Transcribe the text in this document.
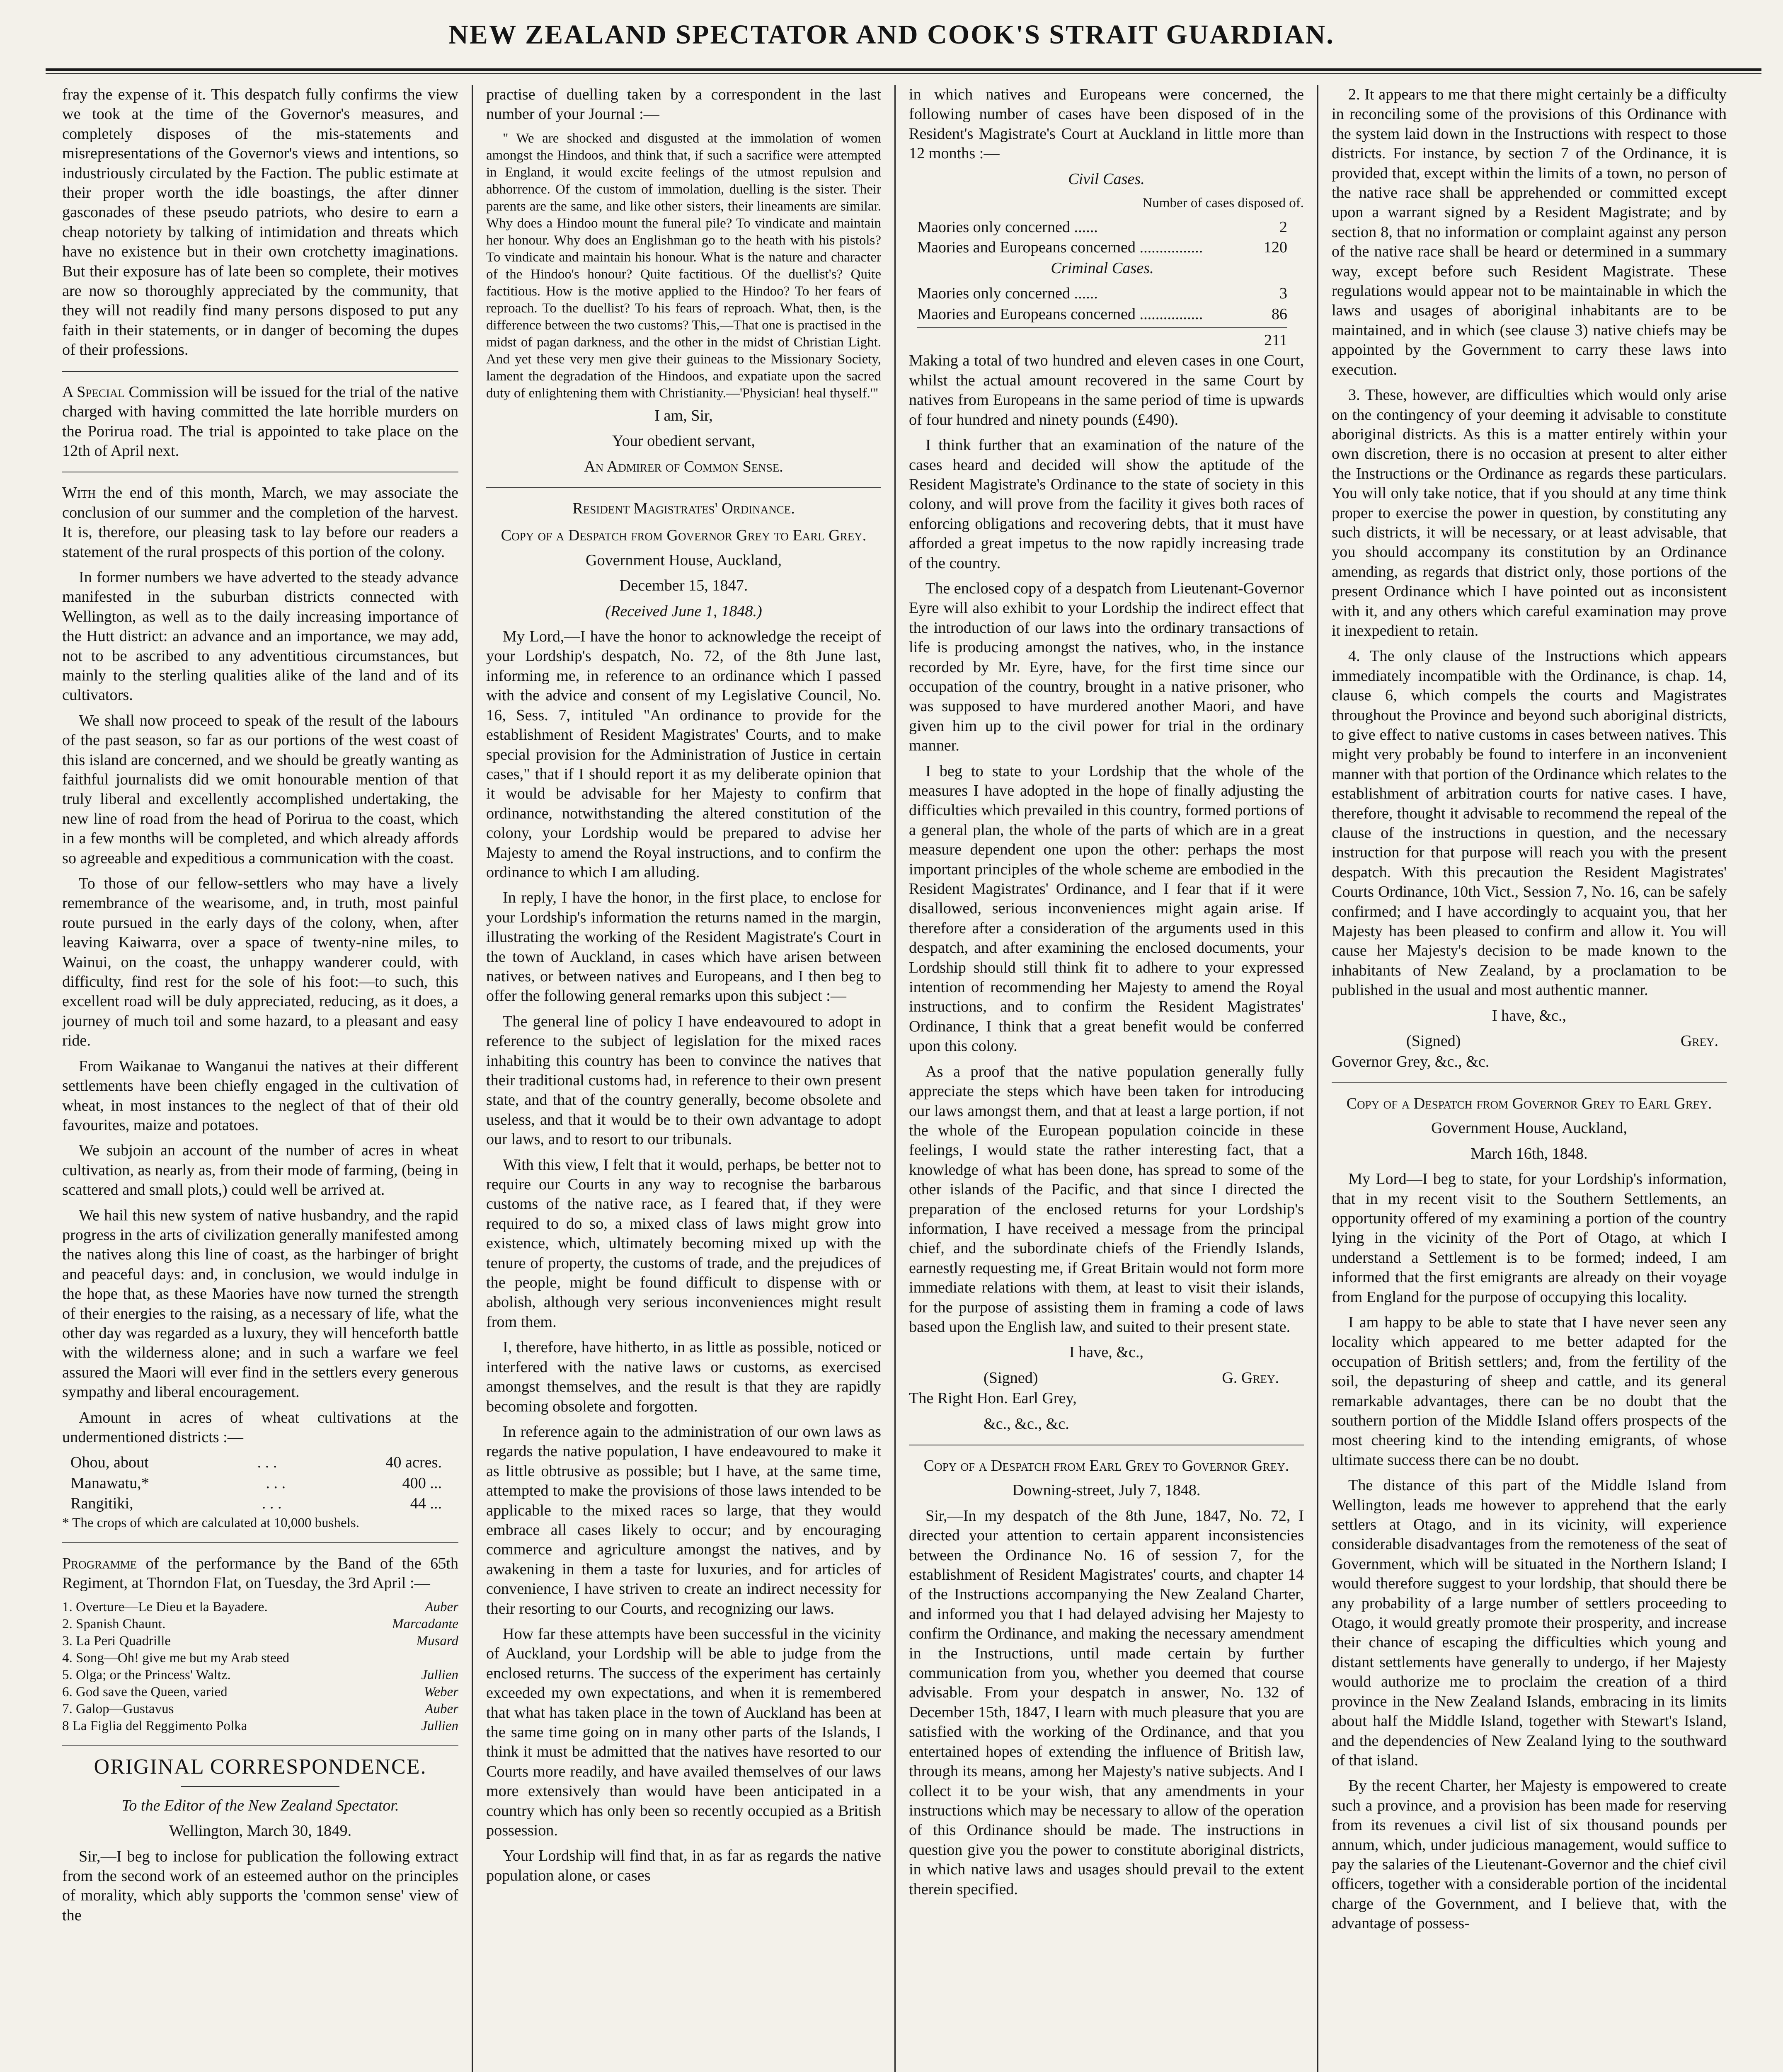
NEW ZEALAND SPECTATOR AND COOK'S STRAIT GUARDIAN.

fray the expense of it. This despatch fully confirms the view we took at the time of the Governor's measures, and completely disposes of the mis-statements and misrepresentations of the Governor's views and intentions, so industriously circulated by the Faction. The public estimate at their proper worth the idle boastings, the after dinner gasconades of these pseudo patriots, who desire to earn a cheap notoriety by talking of intimidation and threats which have no existence but in their own crotchetty imaginations. But their exposure has of late been so complete, their motives are now so thoroughly appreciated by the community, that they will not readily find many persons disposed to put any faith in their statements, or in danger of becoming the dupes of their professions.

A Special Commission will be issued for the trial of the native charged with having committed the late horrible murders on the Porirua road. The trial is appointed to take place on the 12th of April next.

With the end of this month, March, we may associate the conclusion of our summer and the completion of the harvest. It is, therefore, our pleasing task to lay before our readers a statement of the rural prospects of this portion of the colony.

In former numbers we have adverted to the steady advance manifested in the suburban districts connected with Wellington, as well as to the daily increasing importance of the Hutt district: an advance and an importance, we may add, not to be ascribed to any adventitious circumstances, but mainly to the sterling qualities alike of the land and of its cultivators.

We shall now proceed to speak of the result of the labours of the past season, so far as our portions of the west coast of this island are concerned, and we should be greatly wanting as faithful journalists did we omit honourable mention of that truly liberal and excellently accomplished undertaking, the new line of road from the head of Porirua to the coast, which in a few months will be completed, and which already affords so agreeable and expeditious a communication with the coast.

To those of our fellow-settlers who may have a lively remembrance of the wearisome, and, in truth, most painful route pursued in the early days of the colony, when, after leaving Kaiwarra, over a space of twenty-nine miles, to Wainui, on the coast, the unhappy wanderer could, with difficulty, find rest for the sole of his foot:—to such, this excellent road will be duly appreciated, reducing, as it does, a journey of much toil and some hazard, to a pleasant and easy ride.

From Waikanae to Wanganui the natives at their different settlements have been chiefly engaged in the cultivation of wheat, in most instances to the neglect of that of their old favourites, maize and potatoes.

We subjoin an account of the number of acres in wheat cultivation, as nearly as, from their mode of farming, (being in scattered and small plots,) could well be arrived at.

We hail this new system of native husbandry, and the rapid progress in the arts of civilization generally manifested among the natives along this line of coast, as the harbinger of bright and peaceful days: and, in conclusion, we would indulge in the hope that, as these Maories have now turned the strength of their energies to the raising, as a necessary of life, what the other day was regarded as a luxury, they will henceforth battle with the wilderness alone; and in such a warfare we feel assured the Maori will ever find in the settlers every generous sympathy and liberal encouragement.

Amount in acres of wheat cultivations at the undermentioned districts :—

Ohou, about	. . .	40 acres.
Manawatu,*	. . .	400 ...
Rangitiki,	. . .	44 ...

* The crops of which are calculated at 10,000 bushels.

Programme of the performance by the Band of the 65th Regiment, at Thorndon Flat, on Tuesday, the 3rd April :—

1. Overture—Le Dieu et la Bayadere.	Auber
2. Spanish Chaunt.	Marcadante
3. La Peri Quadrille	Musard
4. Song—Oh! give me but my Arab steed
5. Olga; or the Princess' Waltz.	Jullien
6. God save the Queen, varied	Weber
7. Galop—Gustavus	Auber
8 La Figlia del Reggimento Polka	Jullien
ORIGINAL CORRESPONDENCE.

To the Editor of the New Zealand Spectator.

Wellington, March 30, 1849.

Sir,—I beg to inclose for publication the following extract from the second work of an esteemed author on the principles of morality, which ably supports the 'common sense' view of the

practise of duelling taken by a correspondent in the last number of your Journal :—

" We are shocked and disgusted at the immolation of women amongst the Hindoos, and think that, if such a sacrifice were attempted in England, it would excite feelings of the utmost repulsion and abhorrence. Of the custom of immolation, duelling is the sister. Their parents are the same, and like other sisters, their lineaments are similar. Why does a Hindoo mount the funeral pile? To vindicate and maintain her honour. Why does an Englishman go to the heath with his pistols? To vindicate and maintain his honour. What is the nature and character of the Hindoo's honour? Quite factitious. Of the duellist's? Quite factitious. How is the motive applied to the Hindoo? To her fears of reproach. To the duellist? To his fears of reproach. What, then, is the difference between the two customs? This,—That one is practised in the midst of pagan darkness, and the other in the midst of Christian Light. And yet these very men give their guineas to the Missionary Society, lament the degradation of the Hindoos, and expatiate upon the sacred duty of enlightening them with Christianity.—'Physician! heal thyself.'"

I am, Sir,

Your obedient servant,

An Admirer of Common Sense.

Resident Magistrates' Ordinance.

Copy of a Despatch from Governor Grey to Earl Grey.

Government House, Auckland,

December 15, 1847.

(Received June 1, 1848.)

My Lord,—I have the honor to acknowledge the receipt of your Lordship's despatch, No. 72, of the 8th June last, informing me, in reference to an ordinance which I passed with the advice and consent of my Legislative Council, No. 16, Sess. 7, intituled "An ordinance to provide for the establishment of Resident Magistrates' Courts, and to make special provision for the Administration of Justice in certain cases," that if I should report it as my deliberate opinion that it would be advisable for her Majesty to confirm that ordinance, notwithstanding the altered constitution of the colony, your Lordship would be prepared to advise her Majesty to amend the Royal instructions, and to confirm the ordinance to which I am alluding.

In reply, I have the honor, in the first place, to enclose for your Lordship's information the returns named in the margin, illustrating the working of the Resident Magistrate's Court in the town of Auckland, in cases which have arisen between natives, or between natives and Europeans, and I then beg to offer the following general remarks upon this subject :—

The general line of policy I have endeavoured to adopt in reference to the subject of legislation for the mixed races inhabiting this country has been to convince the natives that their traditional customs had, in reference to their own present state, and that of the country generally, become obsolete and useless, and that it would be to their own advantage to adopt our laws, and to resort to our tribunals.

With this view, I felt that it would, perhaps, be better not to require our Courts in any way to recognise the barbarous customs of the native race, as I feared that, if they were required to do so, a mixed class of laws might grow into existence, which, ultimately becoming mixed up with the tenure of property, the customs of trade, and the prejudices of the people, might be found difficult to dispense with or abolish, although very serious inconveniences might result from them.

I, therefore, have hitherto, in as little as possible, noticed or interfered with the native laws or customs, as exercised amongst themselves, and the result is that they are rapidly becoming obsolete and forgotten.

In reference again to the administration of our own laws as regards the native population, I have endeavoured to make it as little obtrusive as possible; but I have, at the same time, attempted to make the provisions of those laws intended to be applicable to the mixed races so large, that they would embrace all cases likely to occur; and by encouraging commerce and agriculture amongst the natives, and by awakening in them a taste for luxuries, and for articles of convenience, I have striven to create an indirect necessity for their resorting to our Courts, and recognizing our laws.

How far these attempts have been successful in the vicinity of Auckland, your Lordship will be able to judge from the enclosed returns. The success of the experiment has certainly exceeded my own expectations, and when it is remembered that what has taken place in the town of Auckland has been at the same time going on in many other parts of the Islands, I think it must be admitted that the natives have resorted to our Courts more readily, and have availed themselves of our laws more extensively than would have been anticipated in a country which has only been so recently occupied as a British possession.

Your Lordship will find that, in as far as regards the native population alone, or cases

in which natives and Europeans were concerned, the following number of cases have been disposed of in the Resident's Magistrate's Court at Auckland in little more than 12 months :—

Civil Cases.

Number of cases disposed of.

Maories only concerned ......	2
Maories and Europeans concerned ................	120

Criminal Cases.

Maories only concerned ......	3
Maories and Europeans concerned ................	86
211

Making a total of two hundred and eleven cases in one Court, whilst the actual amount recovered in the same Court by natives from Europeans in the same period of time is upwards of four hundred and ninety pounds (£490).

I think further that an examination of the nature of the cases heard and decided will show the aptitude of the Resident Magistrate's Ordinance to the state of society in this colony, and will prove from the facility it gives both races of enforcing obligations and recovering debts, that it must have afforded a great impetus to the now rapidly increasing trade of the country.

The enclosed copy of a despatch from Lieutenant-Governor Eyre will also exhibit to your Lordship the indirect effect that the introduction of our laws into the ordinary transactions of life is producing amongst the natives, who, in the instance recorded by Mr. Eyre, have, for the first time since our occupation of the country, brought in a native prisoner, who was supposed to have murdered another Maori, and have given him up to the civil power for trial in the ordinary manner.

I beg to state to your Lordship that the whole of the measures I have adopted in the hope of finally adjusting the difficulties which prevailed in this country, formed portions of a general plan, the whole of the parts of which are in a great measure dependent one upon the other: perhaps the most important principles of the whole scheme are embodied in the Resident Magistrates' Ordinance, and I fear that if it were disallowed, serious inconveniences might again arise. If therefore after a consideration of the arguments used in this despatch, and after examining the enclosed documents, your Lordship should still think fit to adhere to your expressed intention of recommending her Majesty to amend the Royal instructions, and to confirm the Resident Magistrates' Ordinance, I think that a great benefit would be conferred upon this colony.

As a proof that the native population generally fully appreciate the steps which have been taken for introducing our laws amongst them, and that at least a large portion, if not the whole of the European population coincide in these feelings, I would state the rather interesting fact, that a knowledge of what has been done, has spread to some of the other islands of the Pacific, and that since I directed the preparation of the enclosed returns for your Lordship's information, I have received a message from the principal chief, and the subordinate chiefs of the Friendly Islands, earnestly requesting me, if Great Britain would not form more immediate relations with them, at least to visit their islands, for the purpose of assisting them in framing a code of laws based upon the English law, and suited to their present state.

I have, &c.,

(Signed)	G. Grey.

The Right Hon. Earl Grey,

&c., &c., &c.

Copy of a Despatch from Earl Grey to Governor Grey.

Downing-street, July 7, 1848.

Sir,—In my despatch of the 8th June, 1847, No. 72, I directed your attention to certain apparent inconsistencies between the Ordinance No. 16 of session 7, for the establishment of Resident Magistrates' courts, and chapter 14 of the Instructions accompanying the New Zealand Charter, and informed you that I had delayed advising her Majesty to confirm the Ordinance, and making the necessary amendment in the Instructions, until made certain by further communication from you, whether you deemed that course advisable. From your despatch in answer, No. 132 of December 15th, 1847, I learn with much pleasure that you are satisfied with the working of the Ordinance, and that you entertained hopes of extending the influence of British law, through its means, among her Majesty's native subjects. And I collect it to be your wish, that any amendments in your instructions which may be necessary to allow of the operation of this Ordinance should be made. The instructions in question give you the power to constitute aboriginal districts, in which native laws and usages should prevail to the extent therein specified.

2. It appears to me that there might certainly be a difficulty in reconciling some of the provisions of this Ordinance with the system laid down in the Instructions with respect to those districts. For instance, by section 7 of the Ordinance, it is provided that, except within the limits of a town, no person of the native race shall be apprehended or committed except upon a warrant signed by a Resident Magistrate; and by section 8, that no information or complaint against any person of the native race shall be heard or determined in a summary way, except before such Resident Magistrate. These regulations would appear not to be maintainable in which the laws and usages of aboriginal inhabitants are to be maintained, and in which (see clause 3) native chiefs may be appointed by the Government to carry these laws into execution.

3. These, however, are difficulties which would only arise on the contingency of your deeming it advisable to constitute aboriginal districts. As this is a matter entirely within your own discretion, there is no occasion at present to alter either the Instructions or the Ordinance as regards these particulars. You will only take notice, that if you should at any time think proper to exercise the power in question, by constituting any such districts, it will be necessary, or at least advisable, that you should accompany its constitution by an Ordinance amending, as regards that district only, those portions of the present Ordinance which I have pointed out as inconsistent with it, and any others which careful examination may prove it inexpedient to retain.

4. The only clause of the Instructions which appears immediately incompatible with the Ordinance, is chap. 14, clause 6, which compels the courts and Magistrates throughout the Province and beyond such aboriginal districts, to give effect to native customs in cases between natives. This might very probably be found to interfere in an inconvenient manner with that portion of the Ordinance which relates to the establishment of arbitration courts for native cases. I have, therefore, thought it advisable to recommend the repeal of the clause of the instructions in question, and the necessary instruction for that purpose will reach you with the present despatch. With this precaution the Resident Magistrates' Courts Ordinance, 10th Vict., Session 7, No. 16, can be safely confirmed; and I have accordingly to acquaint you, that her Majesty has been pleased to confirm and allow it. You will cause her Majesty's decision to be made known to the inhabitants of New Zealand, by a proclamation to be published in the usual and most authentic manner.

I have, &c.,

(Signed)	Grey.

Governor Grey, &c., &c.

Copy of a Despatch from Governor Grey to Earl Grey.

Government House, Auckland,

March 16th, 1848.

My Lord—I beg to state, for your Lordship's information, that in my recent visit to the Southern Settlements, an opportunity offered of my examining a portion of the country lying in the vicinity of the Port of Otago, at which I understand a Settlement is to be formed; indeed, I am informed that the first emigrants are already on their voyage from England for the purpose of occupying this locality.

I am happy to be able to state that I have never seen any locality which appeared to me better adapted for the occupation of British settlers; and, from the fertility of the soil, the depasturing of sheep and cattle, and its general remarkable advantages, there can be no doubt that the southern portion of the Middle Island offers prospects of the most cheering kind to the intending emigrants, of whose ultimate success there can be no doubt.

The distance of this part of the Middle Island from Wellington, leads me however to apprehend that the early settlers at Otago, and in its vicinity, will experience considerable disadvantages from the remoteness of the seat of Government, which will be situated in the Northern Island; I would therefore suggest to your lordship, that should there be any probability of a large number of settlers proceeding to Otago, it would greatly promote their prosperity, and increase their chance of escaping the difficulties which young and distant settlements have generally to undergo, if her Majesty would authorize me to proclaim the creation of a third province in the New Zealand Islands, embracing in its limits about half the Middle Island, together with Stewart's Island, and the dependencies of New Zealand lying to the southward of that island.

By the recent Charter, her Majesty is empowered to create such a province, and a provision has been made for reserving from its revenues a civil list of six thousand pounds per annum, which, under judicious management, would suffice to pay the salaries of the Lieutenant-Governor and the chief civil officers, together with a considerable portion of the incidental charge of the Government, and I believe that, with the advantage of possess-
